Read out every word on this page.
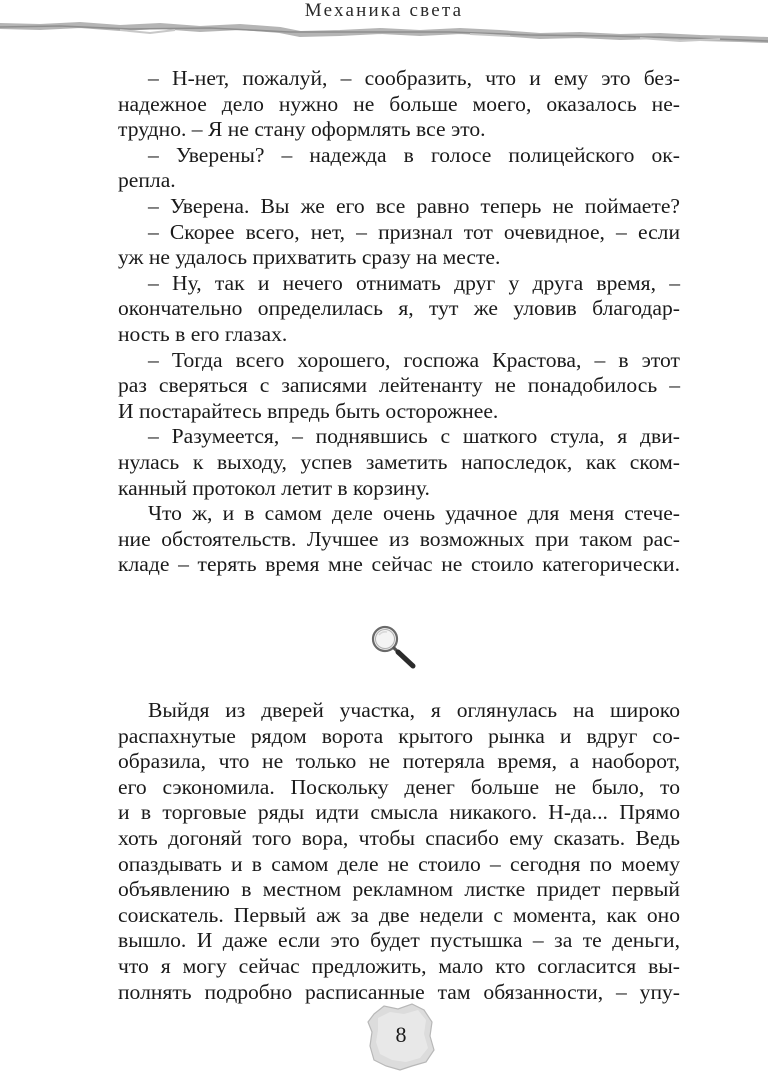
Механика света
– Н-нет, пожалуй, – сообразить, что и ему это без-
надежное дело нужно не больше моего, оказалось не-
трудно. – Я не стану оформлять все это.
– Уверены? – надежда в голосе полицейского ок-
репла.
– Уверена. Вы же его все равно теперь не поймаете?
– Скорее всего, нет, – признал тот очевидное, – если
уж не удалось прихватить сразу на месте.
– Ну, так и нечего отнимать друг у друга время, –
окончательно определилась я, тут же уловив благодар-
ность в его глазах.
– Тогда всего хорошего, госпожа Крастова, – в этот
раз сверяться с записями лейтенанту не понадобилось –
И постарайтесь впредь быть осторожнее.
– Разумеется, – поднявшись с шаткого стула, я дви-
нулась к выходу, успев заметить напоследок, как ском-
канный протокол летит в корзину.
Что ж, и в самом деле очень удачное для меня стече-
ние обстоятельств. Лучшее из возможных при таком рас-
кладе – терять время мне сейчас не стоило категорически.
Выйдя из дверей участка, я оглянулась на широко
распахнутые рядом ворота крытого рынка и вдруг со-
образила, что не только не потеряла время, а наоборот,
его сэкономила. Поскольку денег больше не было, то
и в торговые ряды идти смысла никакого. Н-да... Прямо
хоть догоняй того вора, чтобы спасибо ему сказать. Ведь
опаздывать и в самом деле не стоило – сегодня по моему
объявлению в местном рекламном листке придет первый
соискатель. Первый аж за две недели с момента, как оно
вышло. И даже если это будет пустышка – за те деньги,
что я могу сейчас предложить, мало кто согласится вы-
полнять подробно расписанные там обязанности, – упу-
8
